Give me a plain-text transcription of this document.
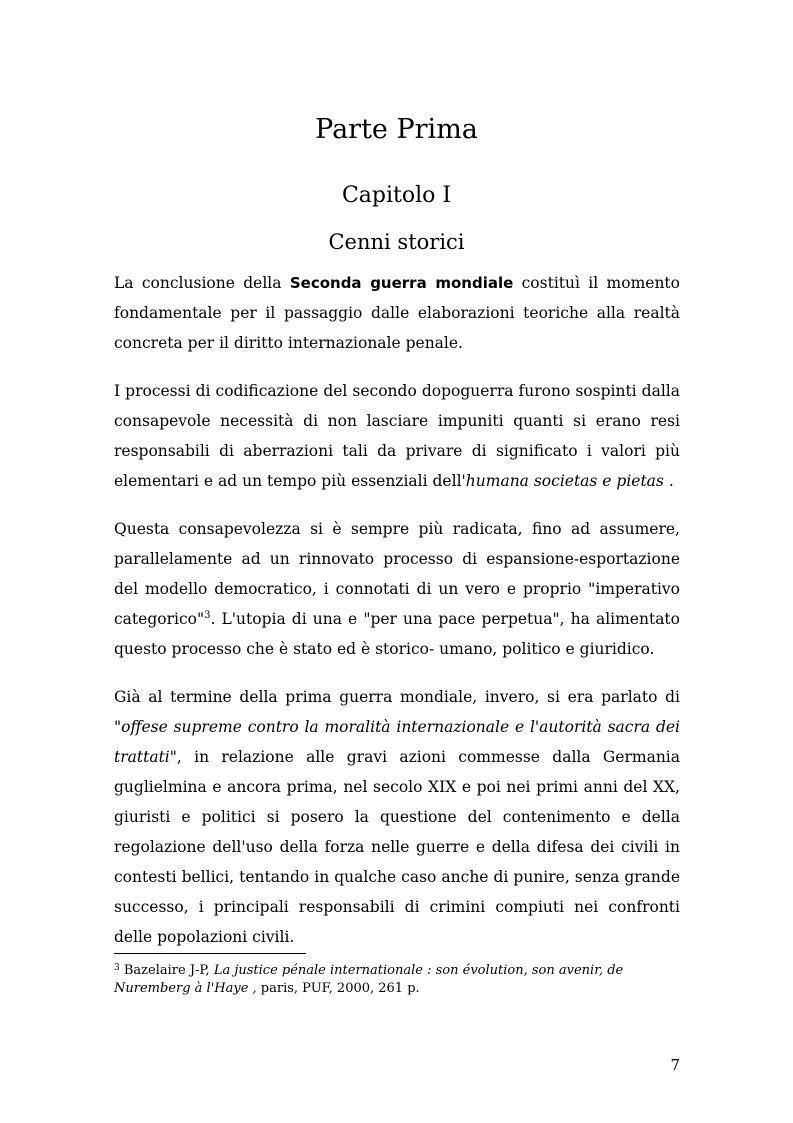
Parte Prima
Capitolo I
Cenni storici

La conclusione della Seconda guerra mondiale costituì il momento fondamentale per il passaggio dalle elaborazioni teoriche alla realtà concreta per il diritto internazionale penale.

I processi di codificazione del secondo dopoguerra furono sospinti dalla consapevole necessità di non lasciare impuniti quanti si erano resi responsabili di aberrazioni tali da privare di significato i valori più elementari e ad un tempo più essenziali dell'humana societas e pietas .

Questa consapevolezza si è sempre più radicata, fino ad assumere, parallelamente ad un rinnovato processo di espansione-esportazione del modello democratico, i connotati di un vero e proprio "imperativo categorico"$^3$. L'utopia di una e "per una pace perpetua", ha alimentato questo processo che è stato ed è storico- umano, politico e giuridico.

Già al termine della prima guerra mondiale, invero, si era parlato di "offese supreme contro la moralità internazionale e l'autorità sacra dei trattati", in relazione alle gravi azioni commesse dalla Germania guglielmina e ancora prima, nel secolo XIX e poi nei primi anni del XX, giuristi e politici si posero la questione del contenimento e della regolazione dell'uso della forza nelle guerre e della difesa dei civili in contesti bellici, tentando in qualche caso anche di punire, senza grande successo, i principali responsabili di crimini compiuti nei confronti delle popolazioni civili.

$^3$ Bazelaire J-P, La justice pénale internationale : son évolution, son avenir, de Nuremberg à l'Haye , paris, PUF, 2000, 261 p.

7
